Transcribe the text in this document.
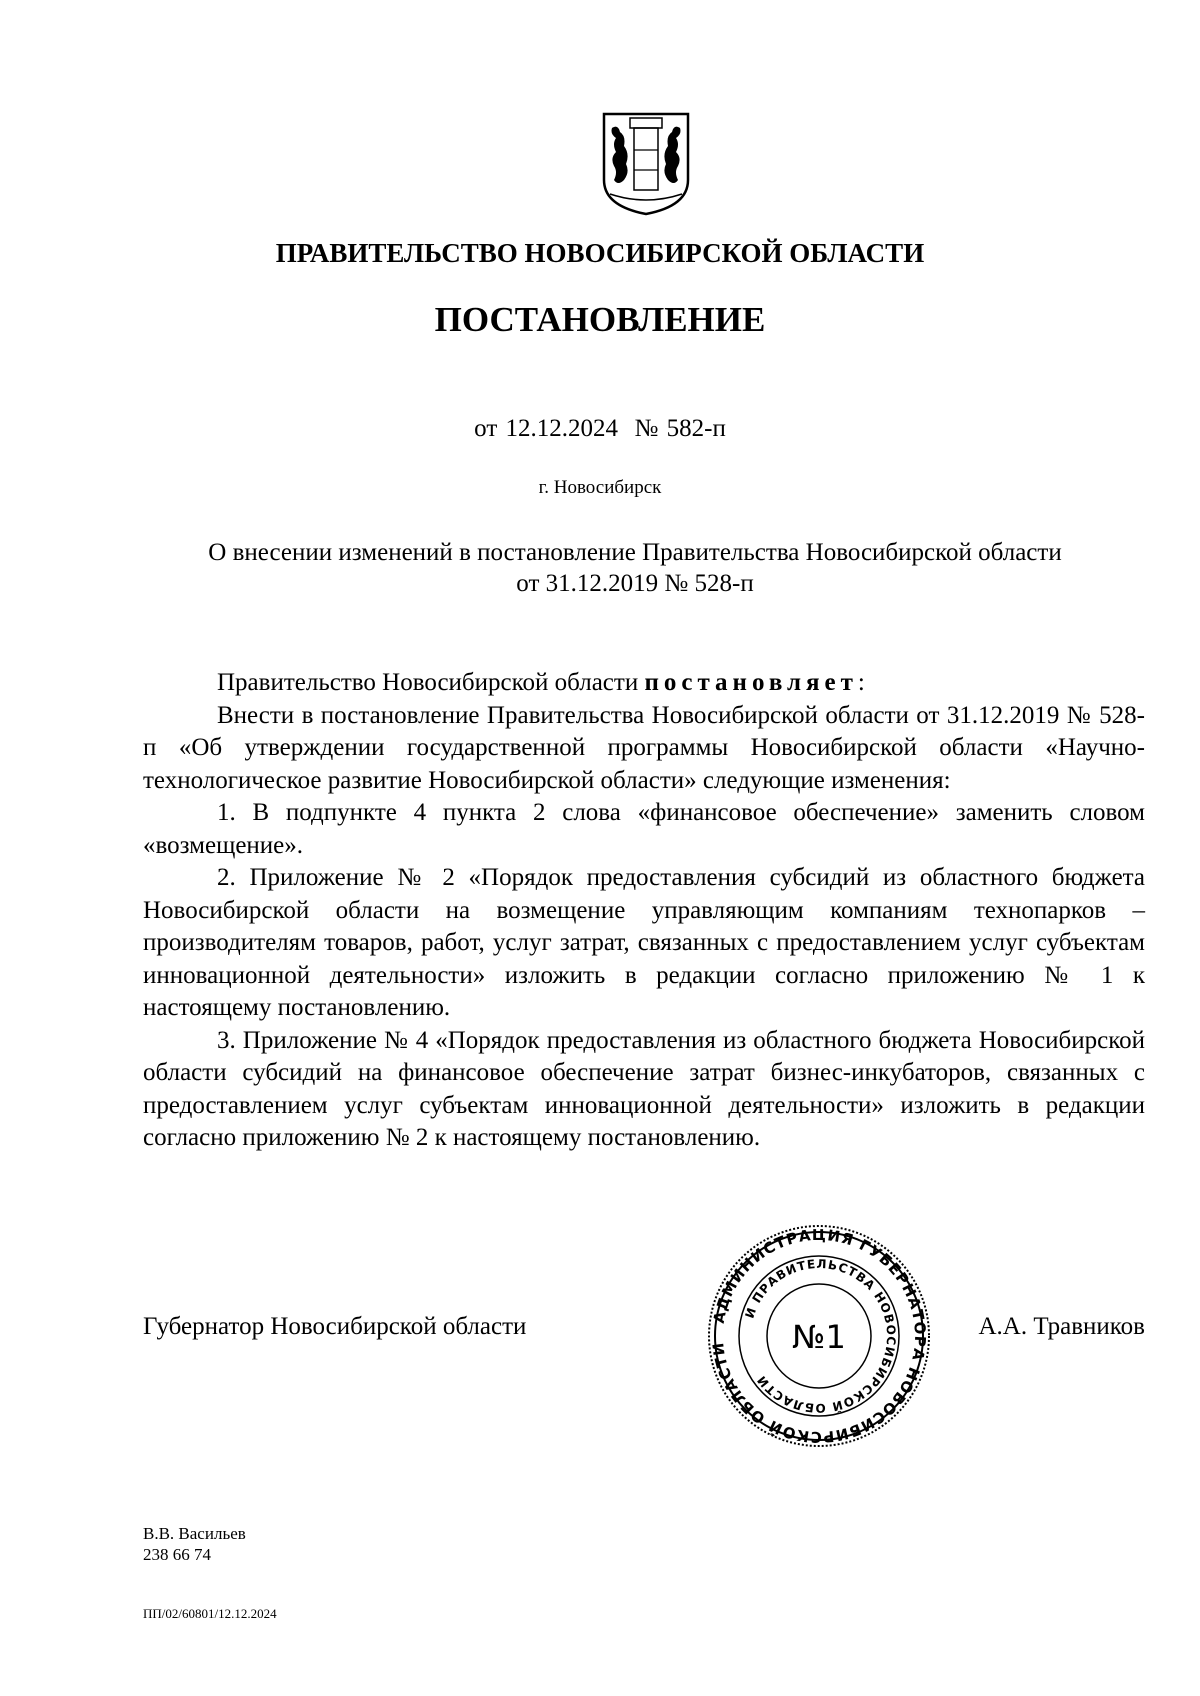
ПРАВИТЕЛЬСТВО НОВОСИБИРСКОЙ ОБЛАСТИ
ПОСТАНОВЛЕНИЕ
от 12.12.2024  № 582-п
г. Новосибирск
О внесении изменений в постановление Правительства Новосибирской области
от 31.12.2019 № 528-п

Правительство Новосибирской области постановляет:

Внести в постановление Правительства Новосибирской области от 31.12.2019 № 528-п «Об утверждении государственной программы Новосибирской области «Научно-технологическое развитие Новосибирской области» следующие изменения:

1. В подпункте 4 пункта 2 слова «финансовое обеспечение» заменить словом «возмещение».

2. Приложение № 2 «Порядок предоставления субсидий из областного бюджета Новосибирской области на возмещение управляющим компаниям технопарков – производителям товаров, работ, услуг затрат, связанных с предоставлением услуг субъектам инновационной деятельности» изложить в редакции согласно приложению № 1 к настоящему постановлению.

3. Приложение № 4 «Порядок предоставления из областного бюджета Новосибирской области субсидий на финансовое обеспечение затрат бизнес-инкубаторов, связанных с предоставлением услуг субъектам инновационной деятельности» изложить в редакции согласно приложению № 2 к настоящему постановлению.

Губернатор Новосибирской области	А.А. Травников
АДМИНИСТРАЦИЯ ГУБЕРНАТОРА НОВОСИБИРСКОЙ ОБЛАСТИ
И ПРАВИТЕЛЬСТВА НОВОСИБИРСКОЙ ОБЛАСТИ
№1
В.В. Васильев
238 66 74
ПП/02/60801/12.12.2024
